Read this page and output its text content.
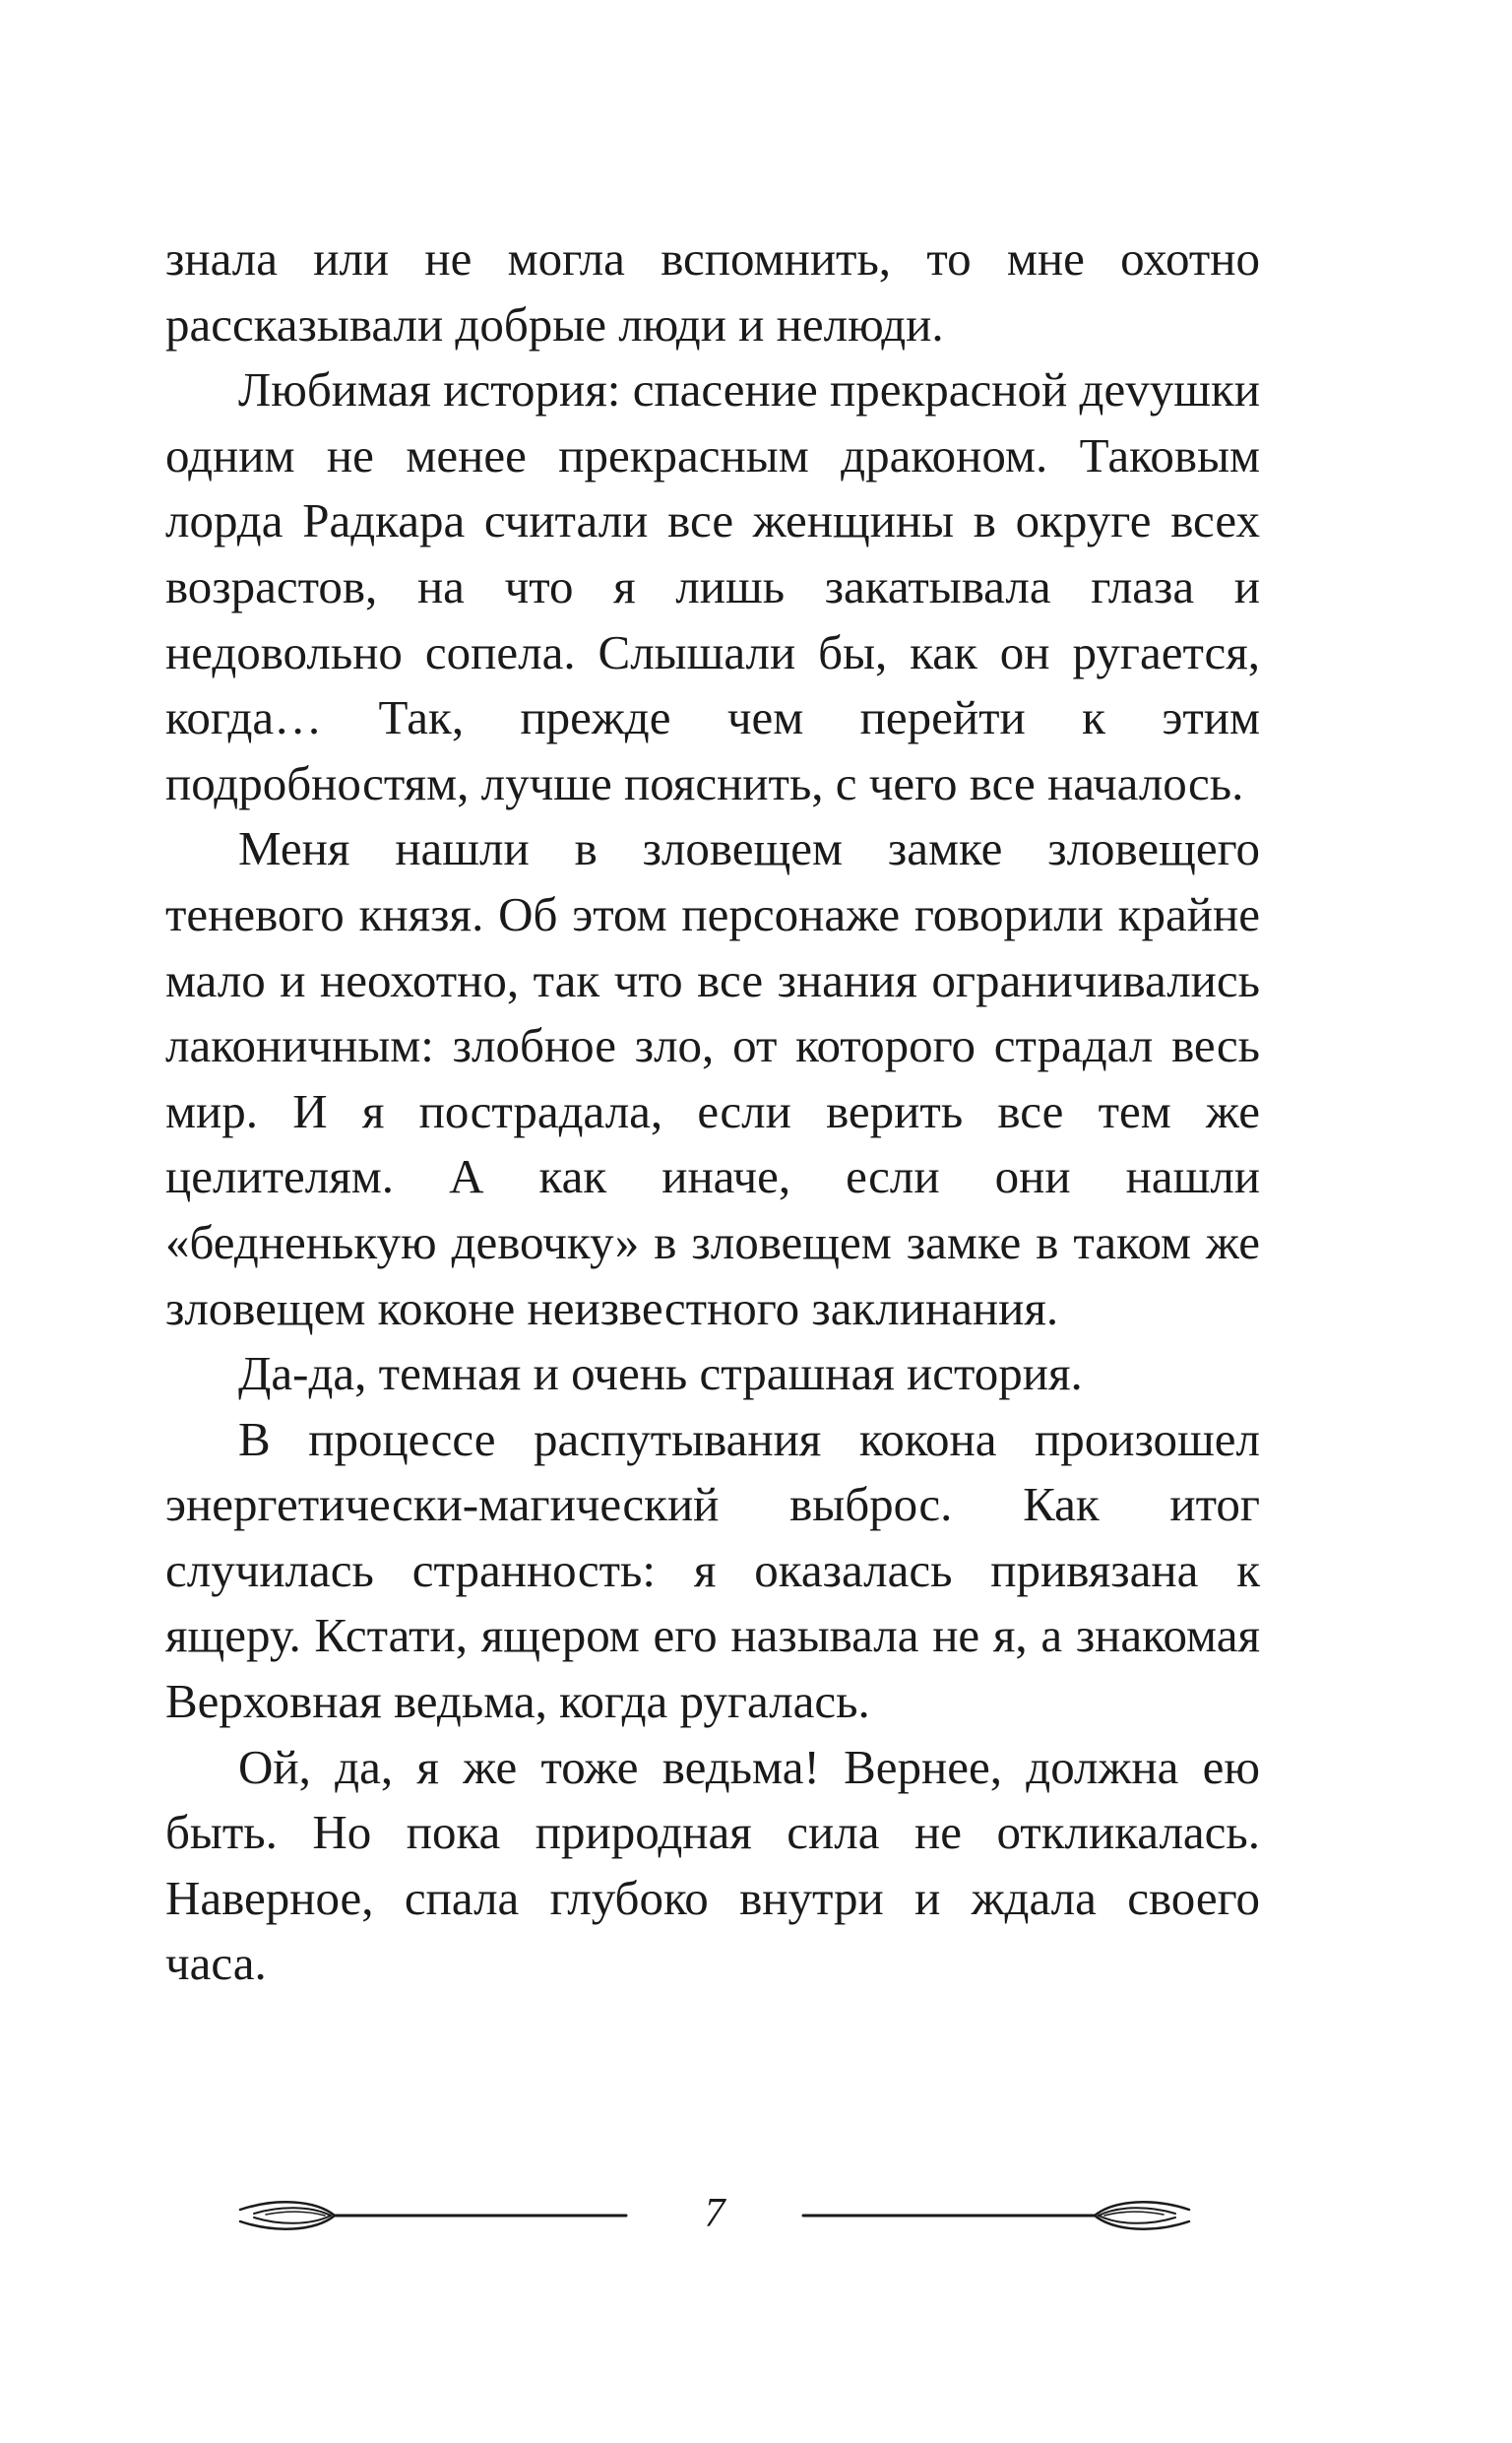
знала или не могла вспомнить, то мне охотно рассказывали добрые люди и нелюди.

Любимая история: спасение прекрасной деvушки одним не менее прекрасным драконом. Таковым лорда Радкара считали все женщины в округе всех возрастов, на что я лишь закатывала глаза и недовольно сопела. Слышали бы, как он ругается, когда… Так, прежде чем перейти к этим подробностям, лучше пояснить, с чего все началось.

Меня нашли в зловещем замке зловещего теневого князя. Об этом персонаже говорили крайне мало и неохотно, так что все знания ограничивались лаконичным: злобное зло, от которого страдал весь мир. И я пострадала, если верить все тем же целителям. А как иначе, если они нашли «бедненькую девочку» в зловещем замке в таком же зловещем коконе неизвестного заклинания.

Да-да, темная и очень страшная история.

В процессе распутывания кокона произошел энергетически-магический выброс. Как итог случилась странность: я оказалась привязана к ящеру. Кстати, ящером его называла не я, а знакомая Верховная ведьма, когда ругалась.

Ой, да, я же тоже ведьма! Вернее, должна ею быть. Но пока природная сила не откликалась. Наверное, спала глубоко внутри и ждала своего часа.

7
